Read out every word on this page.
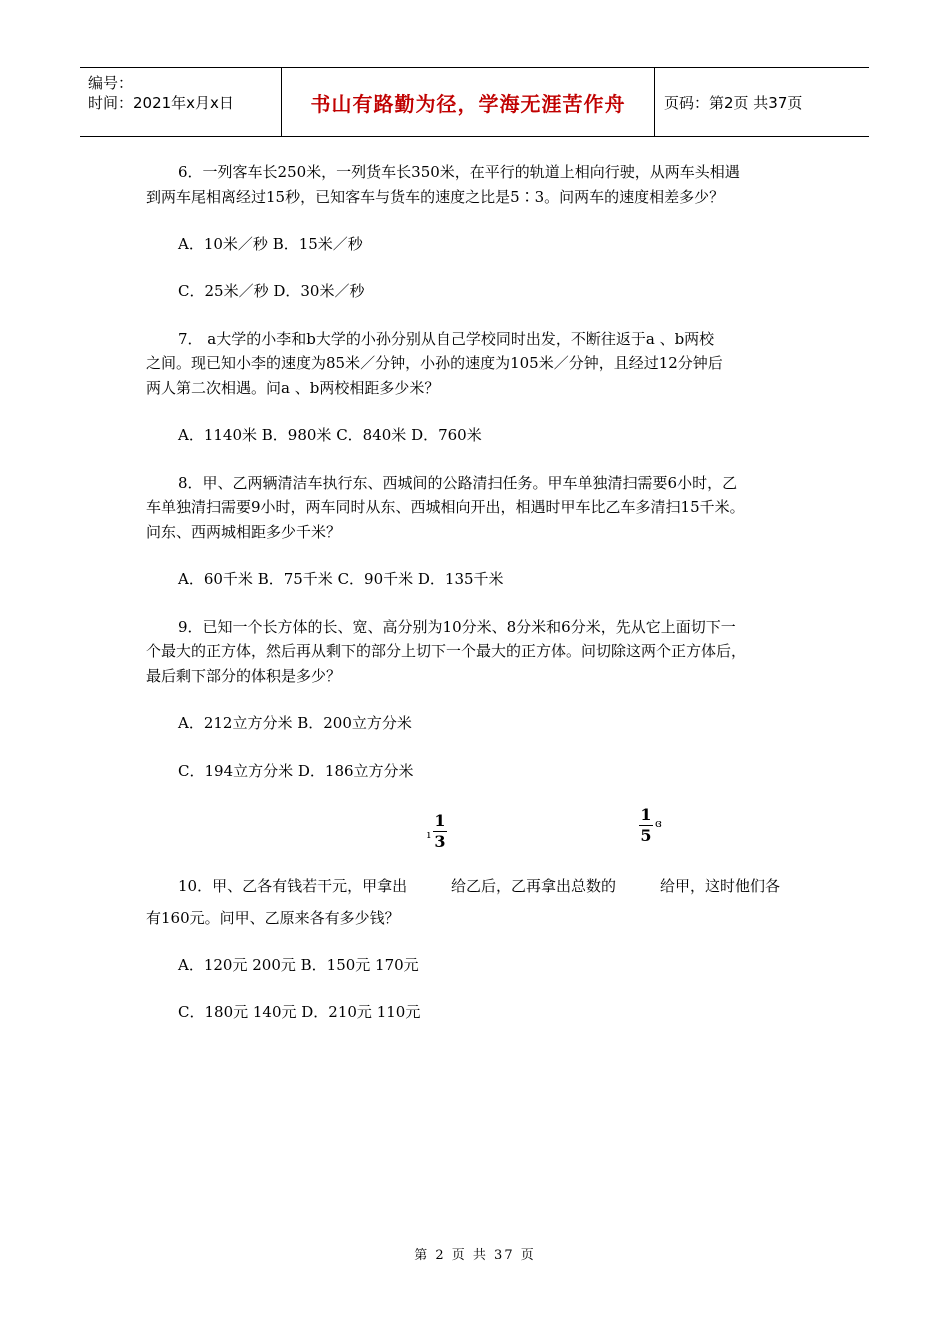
编号：
时间：2021年x月x日	书山有路勤为径，学海无涯苦作舟	页码：第2页 共37页
6．一列客车长250米，一列货车长350米，在平行的轨道上相向行驶，从两车头相遇
到两车尾相离经过15秒，已知客车与货车的速度之比是5∶3。问两车的速度相差多少？
A．10米／秒 B．15米／秒
C．25米／秒 D．30米／秒
7． a大学的小李和b大学的小孙分别从自己学校同时出发，不断往返于a 、b两校
之间。现已知小李的速度为85米／分钟，小孙的速度为105米／分钟，且经过12分钟后
两人第二次相遇。问a 、b两校相距多少米？
A．1140米 B．980米 C．840米 D．760米
8．甲、乙两辆清洁车执行东、西城间的公路清扫任务。甲车单独清扫需要6小时，乙
车单独清扫需要9小时，两车同时从东、西城相向开出，相遇时甲车比乙车多清扫15千米。
问东、西两城相距多少千米？
A．60千米 B．75千米 C．90千米 D．135千米
9．已知一个长方体的长、宽、高分别为10分米、8分米和6分米，先从它上面切下一
个最大的正方体，然后再从剩下的部分上切下一个最大的正方体。问切除这两个正方体后，
最后剩下部分的体积是多少？
A．212立方分米 B．200立方分米
C．194立方分米 D．186立方分米
ı
1
3
1
5
ɞ
10．甲、乙各有钱若干元，甲拿出	给乙后，乙再拿出总数的	给甲，这时他们各
有160元。问甲、乙原来各有多少钱？
A．120元 200元 B．150元 170元
C．180元 140元 D．210元 110元
第 2 页 共 37 页
